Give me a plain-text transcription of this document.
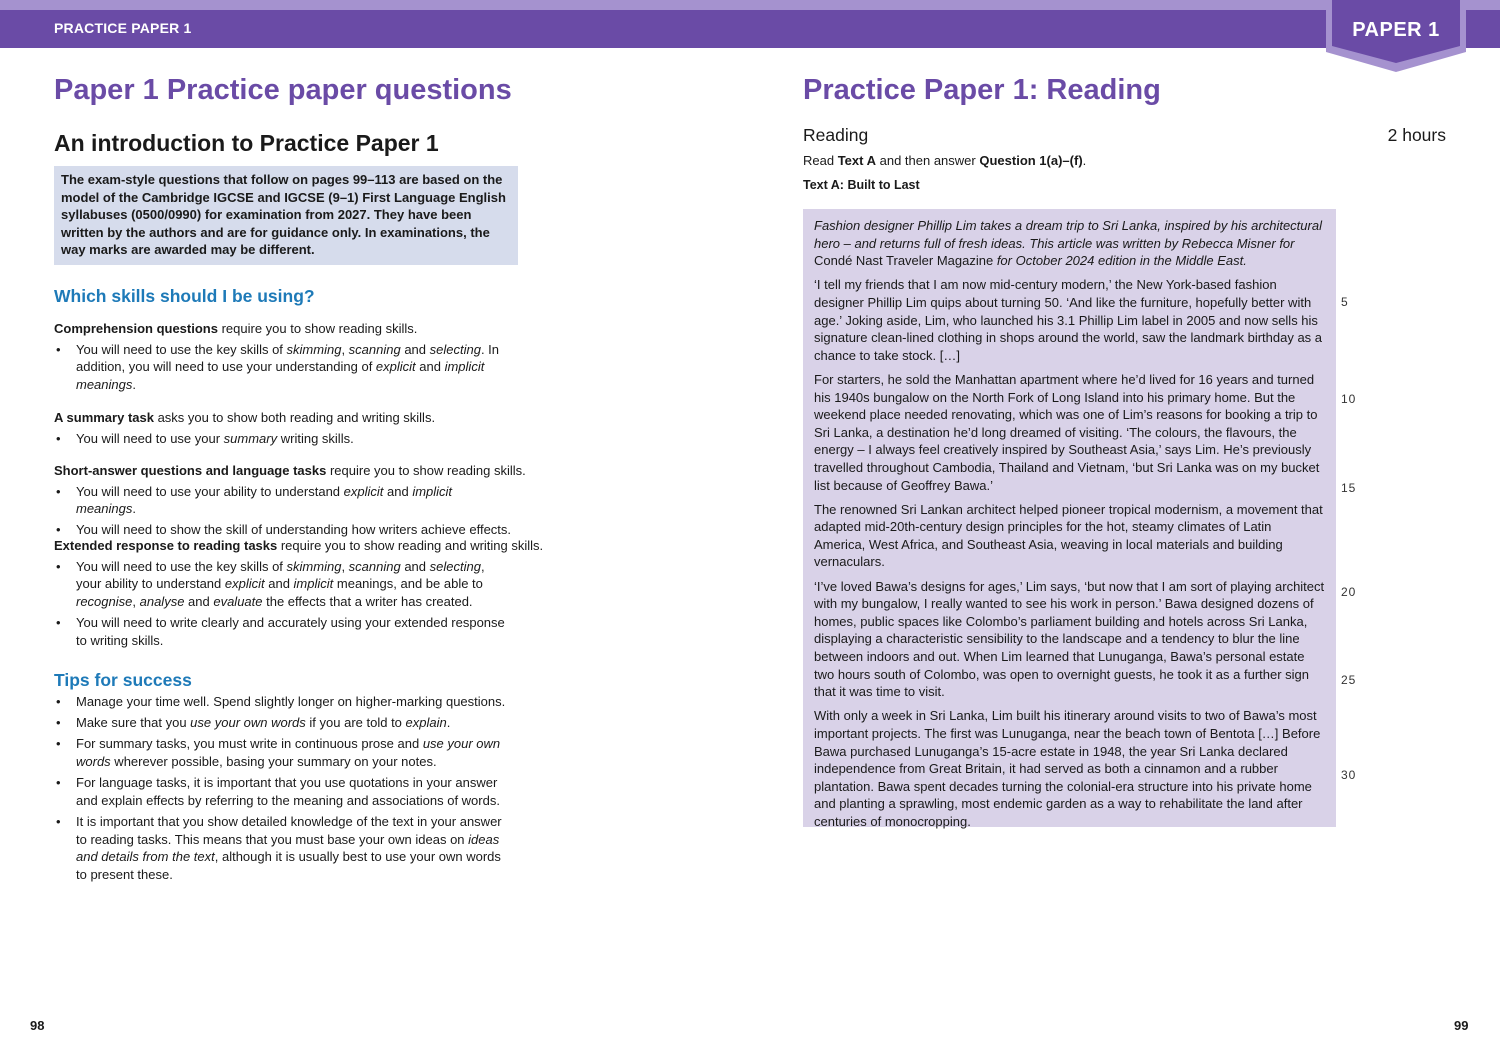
PRACTICE PAPER 1	PAPER 1
Paper 1 Practice paper questions
An introduction to Practice Paper 1
The exam-style questions that follow on pages 99–113 are based on the model of the Cambridge IGCSE and IGCSE (9–1) First Language English syllabuses (0500/0990) for examination from 2027. They have been written by the authors and are for guidance only. In examinations, the way marks are awarded may be different.
Which skills should I be using?

Comprehension questions require you to show reading skills.

• You will need to use the key skills of skimming, scanning and selecting. In addition, you will need to use your understanding of explicit and implicit meanings.

A summary task asks you to show both reading and writing skills.

• You will need to use your summary writing skills.

Short-answer questions and language tasks require you to show reading skills.

• You will need to use your ability to understand explicit and implicit meanings.
• You will need to show the skill of understanding how writers achieve effects.

Extended response to reading tasks require you to show reading and writing skills.

• You will need to use the key skills of skimming, scanning and selecting, your ability to understand explicit and implicit meanings, and be able to recognise, analyse and evaluate the effects that a writer has created.
• You will need to write clearly and accurately using your extended response to writing skills.
Tips for success
• Manage your time well. Spend slightly longer on higher-marking questions.
• Make sure that you use your own words if you are told to explain.
• For summary tasks, you must write in continuous prose and use your own words wherever possible, basing your summary on your notes.
• For language tasks, it is important that you use quotations in your answer and explain effects by referring to the meaning and associations of words.
• It is important that you show detailed knowledge of the text in your answer to reading tasks. This means that you must base your own ideas on ideas and details from the text, although it is usually best to use your own words to present these.
98
Practice Paper 1: Reading
Reading	2 hours
Read Text A and then answer Question 1(a)–(f).
Text A: Built to Last

Fashion designer Phillip Lim takes a dream trip to Sri Lanka, inspired by his architectural hero – and returns full of fresh ideas. This article was written by Rebecca Misner for Condé Nast Traveler Magazine for October 2024 edition in the Middle East.

‘I tell my friends that I am now mid-century modern,’ the New York-based fashion designer Phillip Lim quips about turning 50. ‘And like the furniture, hopefully better with age.’ Joking aside, Lim, who launched his 3.1 Phillip Lim label in 2005 and now sells his signature clean-lined clothing in shops around the world, saw the landmark birthday as a chance to take stock. […]

For starters, he sold the Manhattan apartment where he’d lived for 16 years and turned his 1940s bungalow on the North Fork of Long Island into his primary home. But the weekend place needed renovating, which was one of Lim’s reasons for booking a trip to Sri Lanka, a destination he’d long dreamed of visiting. ‘The colours, the flavours, the energy – I always feel creatively inspired by Southeast Asia,’ says Lim. He’s previously travelled throughout Cambodia, Thailand and Vietnam, ‘but Sri Lanka was on my bucket list because of Geoffrey Bawa.’

The renowned Sri Lankan architect helped pioneer tropical modernism, a movement that adapted mid-20th-century design principles for the hot, steamy climates of Latin America, West Africa, and Southeast Asia, weaving in local materials and building vernaculars.

‘I’ve loved Bawa’s designs for ages,’ Lim says, ‘but now that I am sort of playing architect with my bungalow, I really wanted to see his work in person.’ Bawa designed dozens of homes, public spaces like Colombo’s parliament building and hotels across Sri Lanka, displaying a characteristic sensibility to the landscape and a tendency to blur the line between indoors and out. When Lim learned that Lunuganga, Bawa’s personal estate two hours south of Colombo, was open to overnight guests, he took it as a further sign that it was time to visit.

With only a week in Sri Lanka, Lim built his itinerary around visits to two of Bawa’s most important projects. The first was Lunuganga, near the beach town of Bentota […] Before Bawa purchased Lunuganga’s 15-acre estate in 1948, the year Sri Lanka declared independence from Great Britain, it had served as both a cinnamon and a rubber plantation. Bawa spent decades turning the colonial-era structure into his private home and planting a sprawling, most endemic garden as a way to rehabilitate the land after centuries of monocropping.

5
10
15
20
25
30
99
